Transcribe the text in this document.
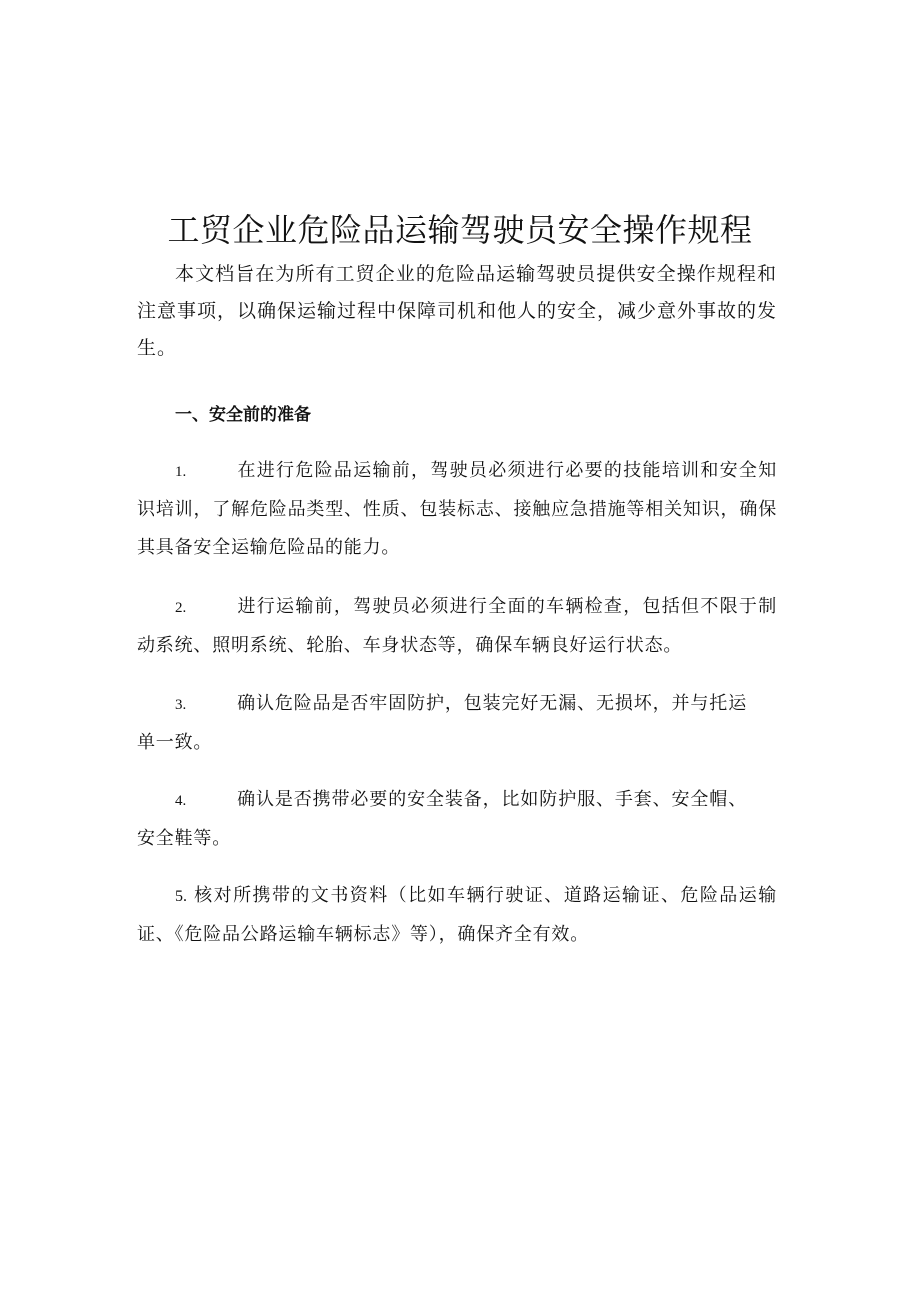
工贸企业危险品运输驾驶员安全操作规程

本文档旨在为所有工贸企业的危险品运输驾驶员提供安全操作规程和注意事项，以确保运输过程中保障司机和他人的安全，减少意外事故的发生。

一、安全前的准备

1.	在进行危险品运输前，驾驶员必须进行必要的技能培训和安全知识培训，了解危险品类型、性质、包装标志、接触应急措施等相关知识，确保其具备安全运输危险品的能力。

2.	进行运输前，驾驶员必须进行全面的车辆检查，包括但不限于制动系统、照明系统、轮胎、车身状态等，确保车辆良好运行状态。

3.	确认危险品是否牢固防护，包装完好无漏、无损坏，并与托运单一致。

4.	确认是否携带必要的安全装备，比如防护服、手套、安全帽、安全鞋等。

5. 核对所携带的文书资料（比如车辆行驶证、道路运输证、危险品运输证、《危险品公路运输车辆标志》等），确保齐全有效。
